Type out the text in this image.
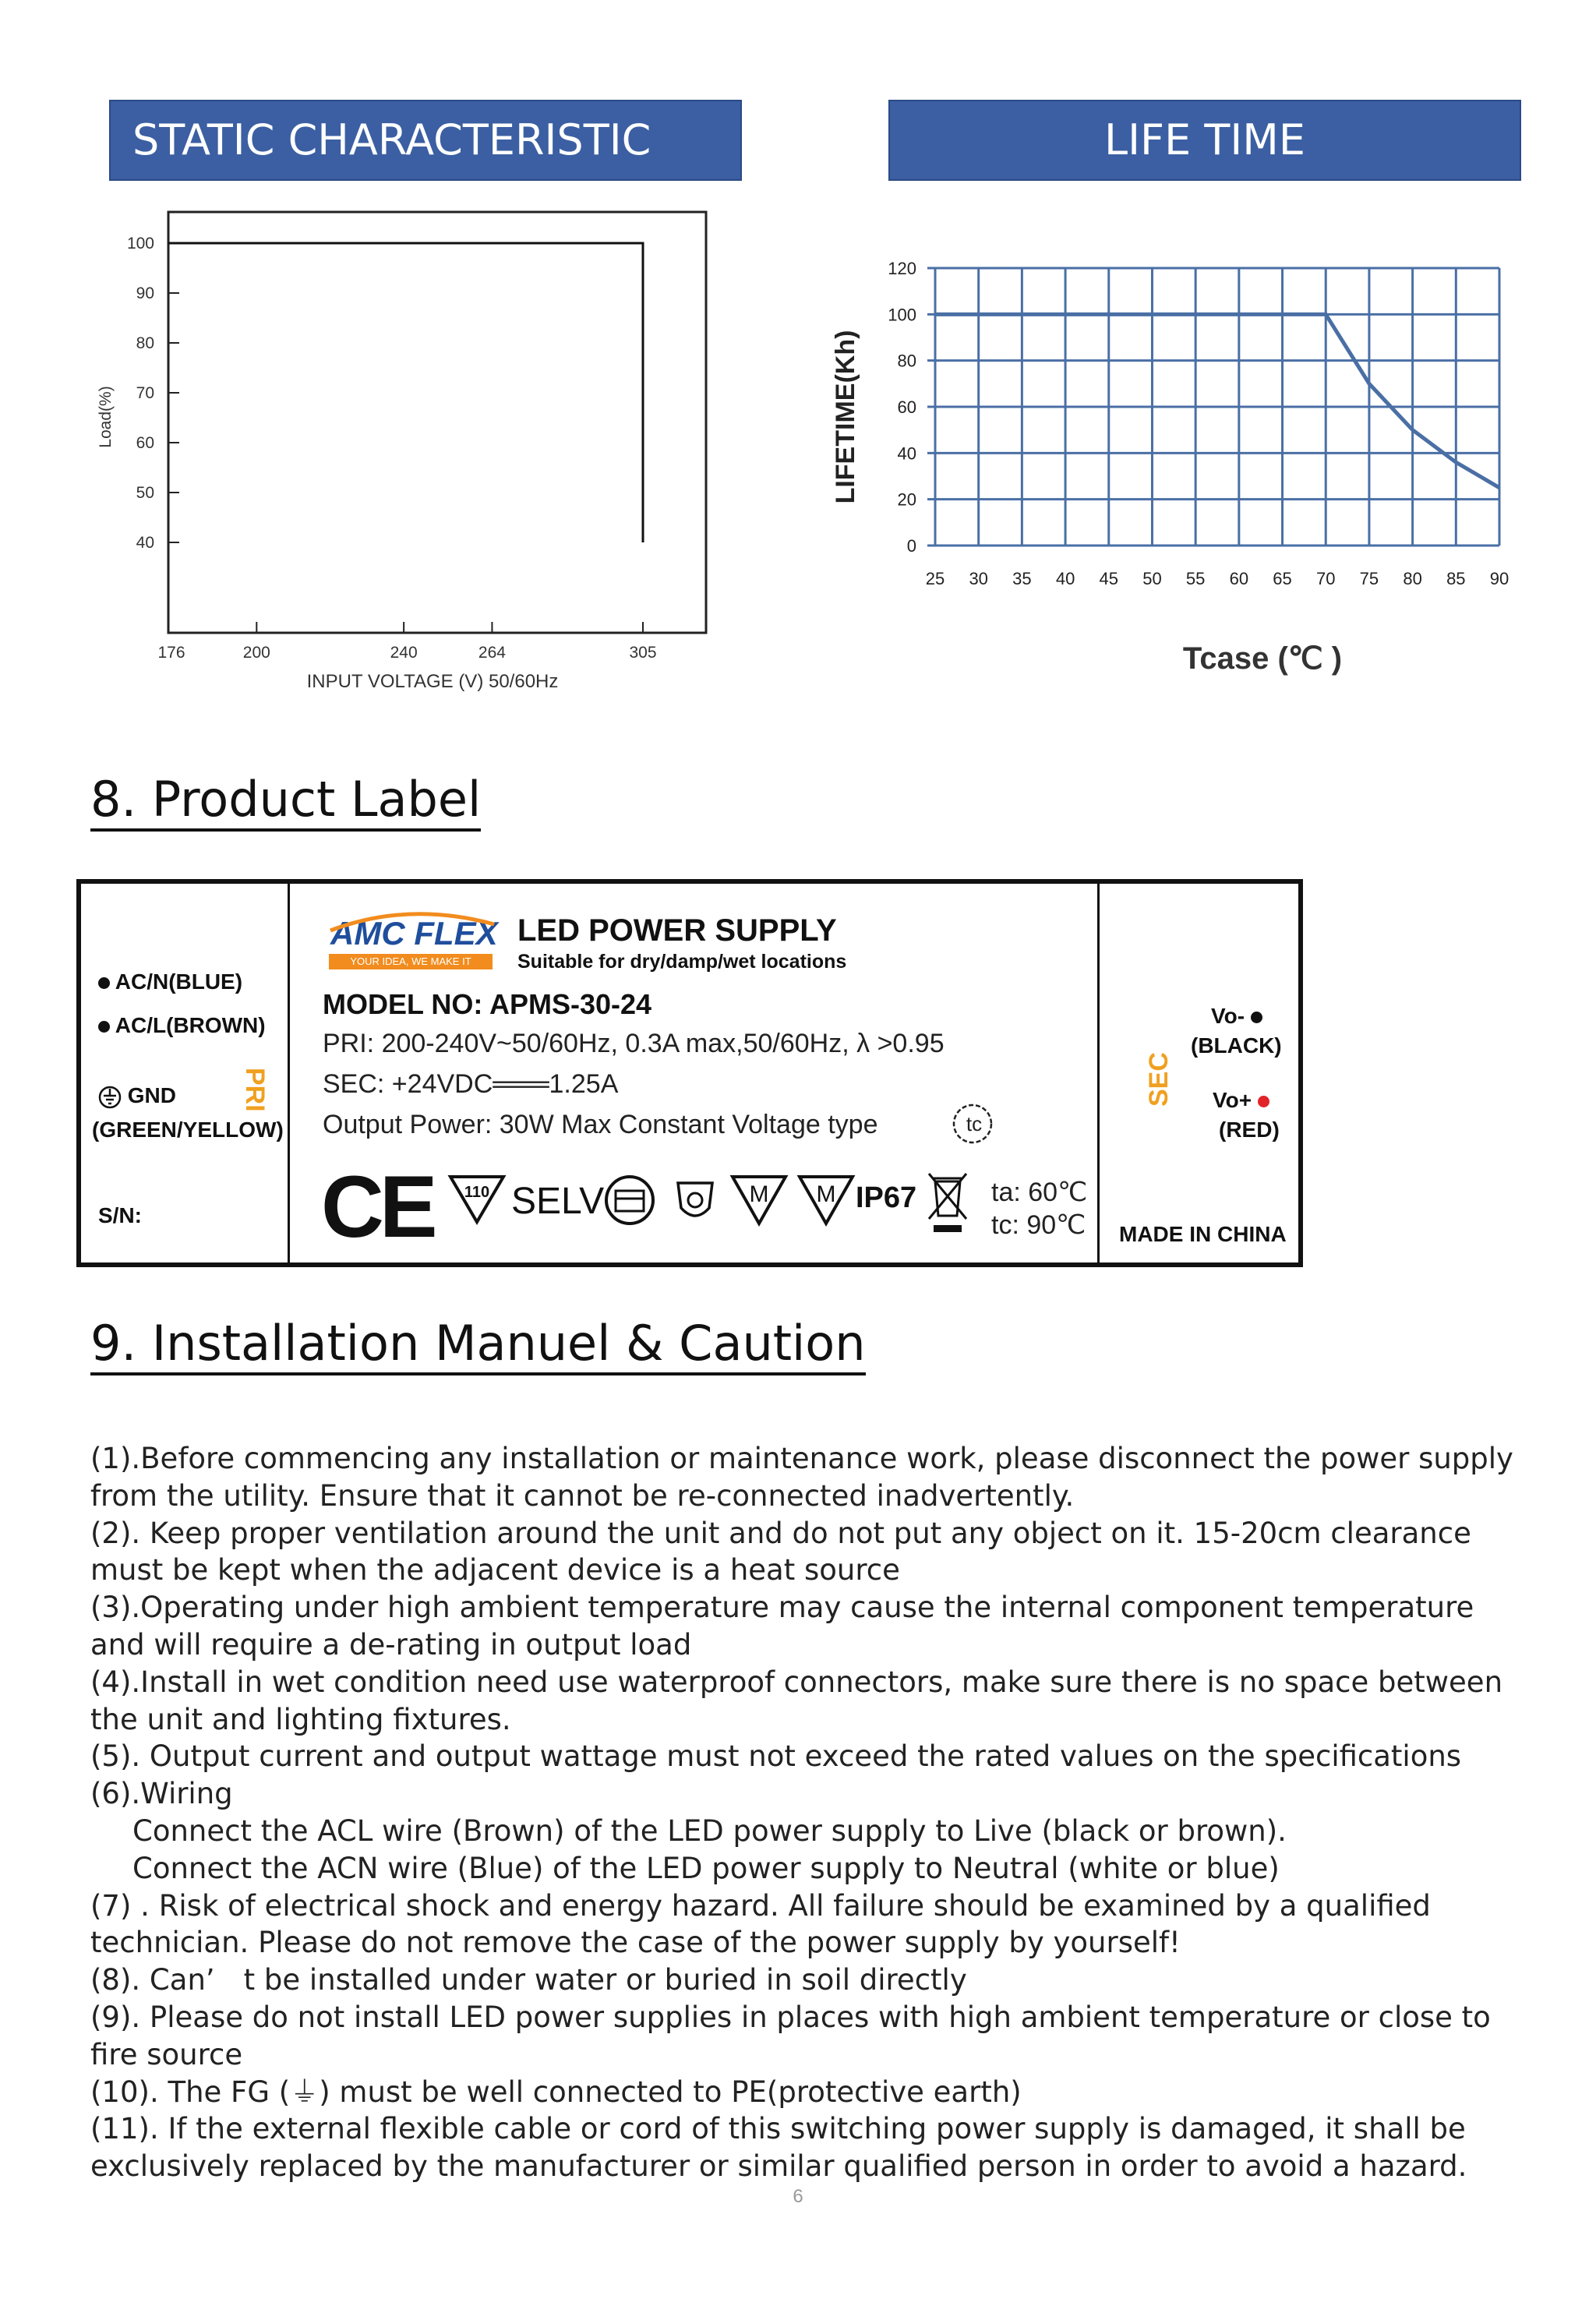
STATIC CHARACTERISTIC	LIFE TIME
100
90
80
70
60
50
40
176	200	240	264	305
Load(%)
INPUT VOLTAGE (V) 50/60Hz
0
20
40
60
80
100
120
25 30 35 40 45 50 55 60 65 70 75 80 85 90
LIFETIME(Kh)
Tcase (℃ )
8. Product Label
AC/N(BLUE)
AC/L(BROWN)
GND
(GREEN/YELLOW)
S/N:
PRI	SEC
AMC FLEX
YOUR IDEA, WE MAKE IT
LED POWER SUPPLY
Suitable for dry/damp/wet locations
MODEL NO: APMS-30-24
PRI: 200-240V~50/60Hz, 0.3A max,50/60Hz, λ >0.95
SEC: +24VDC═══1.25A
Output Power: 30W Max Constant Voltage type	tc
CE 110 SELV	M M IP67	ta: 60℃
tc: 90℃
Vo-
(BLACK)
Vo+
(RED)
MADE IN CHINA
9. Installation Manuel & Caution

(1).Before commencing any installation or maintenance work, please disconnect the power supply from the utility. Ensure that it cannot be re-connected inadvertently.

(2). Keep proper ventilation around the unit and do not put any object on it. 15-20cm clearance must be kept when the adjacent device is a heat source

(3).Operating under high ambient temperature may cause the internal component temperature and will require a de-rating in output load

(4).Install in wet condition need use waterproof connectors, make sure there is no space between the unit and lighting fixtures.

(5). Output current and output wattage must not exceed the rated values on the specifications

(6).Wiring

Connect the ACL wire (Brown) of the LED power supply to Live (black or brown).

Connect the ACN wire (Blue) of the LED power supply to Neutral (white or blue)

(7) . Risk of electrical shock and energy hazard. All failure should be examined by a qualified technician. Please do not remove the case of the power supply by yourself!

(8). Can’　t be installed under water or buried in soil directly

(9). Please do not install LED power supplies in places with high ambient temperature or close to fire source

(10). The FG (⏚) must be well connected to PE(protective earth)

(11). If the external flexible cable or cord of this switching power supply is damaged, it shall be exclusively replaced by the manufacturer or similar qualified person in order to avoid a hazard.

6
